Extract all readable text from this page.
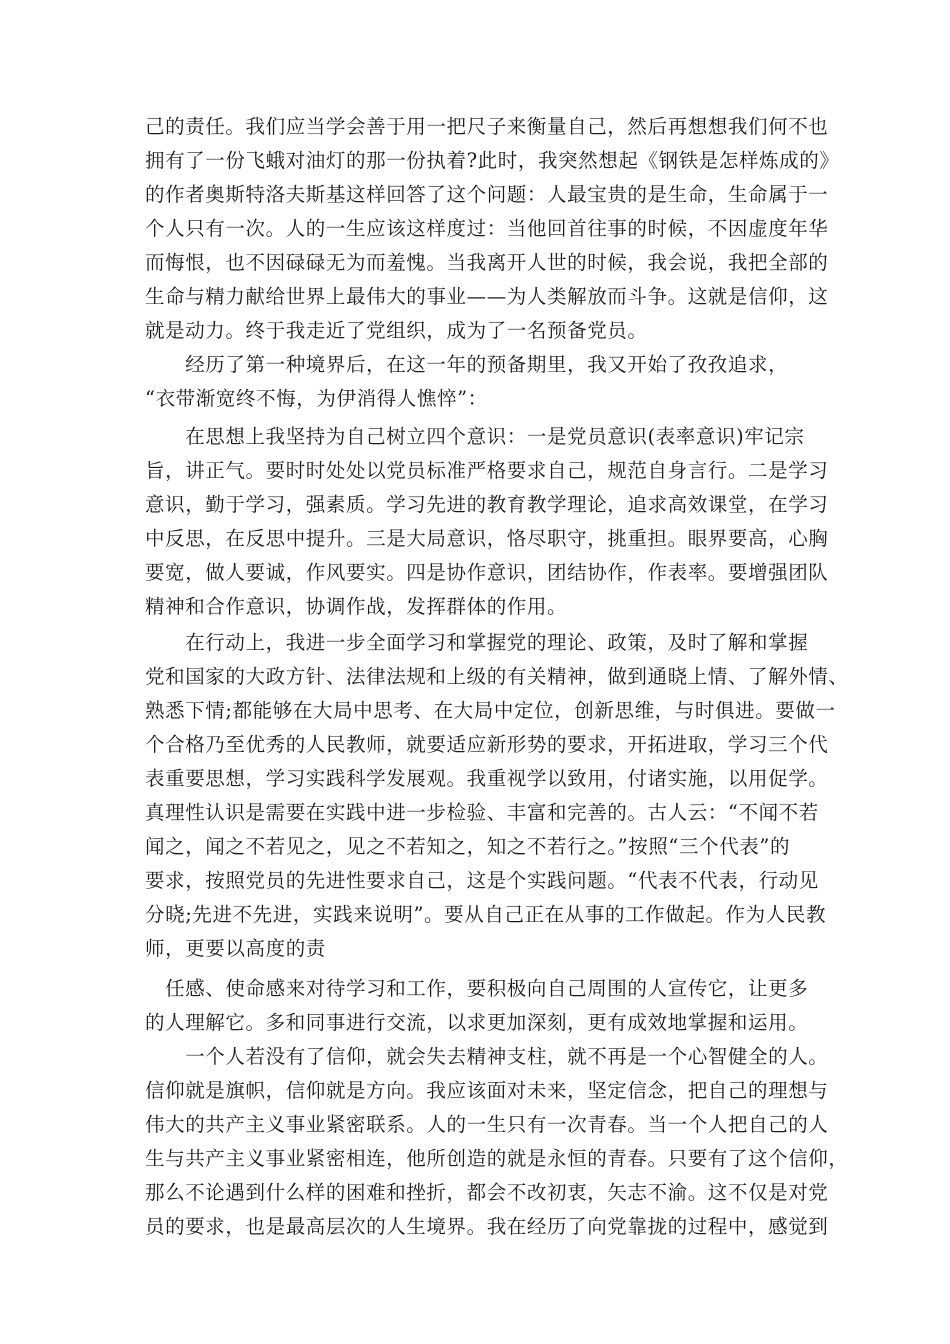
己的责任。我们应当学会善于用一把尺子来衡量自己，然后再想想我们何不也
拥有了一份飞蛾对油灯的那一份执着?此时，我突然想起《钢铁是怎样炼成的》
的作者奥斯特洛夫斯基这样回答了这个问题：人最宝贵的是生命，生命属于一
个人只有一次。人的一生应该这样度过：当他回首往事的时候，不因虚度年华
而悔恨，也不因碌碌无为而羞愧。当我离开人世的时候，我会说，我把全部的
生命与精力献给世界上最伟大的事业——为人类解放而斗争。这就是信仰，这
就是动力。终于我走近了党组织，成为了一名预备党员。
　　经历了第一种境界后，在这一年的预备期里，我又开始了孜孜追求，
“衣带渐宽终不悔，为伊消得人憔悴”：
　　在思想上我坚持为自己树立四个意识：一是党员意识(表率意识)牢记宗
旨，讲正气。要时时处处以党员标准严格要求自己，规范自身言行。二是学习
意识，勤于学习，强素质。学习先进的教育教学理论，追求高效课堂，在学习
中反思，在反思中提升。三是大局意识，恪尽职守，挑重担。眼界要高，心胸
要宽，做人要诚，作风要实。四是协作意识，团结协作，作表率。要增强团队
精神和合作意识，协调作战，发挥群体的作用。
　　在行动上，我进一步全面学习和掌握党的理论、政策，及时了解和掌握
党和国家的大政方针、法律法规和上级的有关精神，做到通晓上情、了解外情、
熟悉下情;都能够在大局中思考、在大局中定位，创新思维，与时俱进。要做一
个合格乃至优秀的人民教师，就要适应新形势的要求，开拓进取，学习三个代
表重要思想，学习实践科学发展观。我重视学以致用，付诸实施，以用促学。
真理性认识是需要在实践中进一步检验、丰富和完善的。古人云：“不闻不若
闻之，闻之不若见之，见之不若知之，知之不若行之。”按照“三个代表”的
要求，按照党员的先进性要求自己，这是个实践问题。“代表不代表，行动见
分晓;先进不先进，实践来说明”。要从自己正在从事的工作做起。作为人民教
师，更要以高度的责
　任感、使命感来对待学习和工作，要积极向自己周围的人宣传它，让更多
的人理解它。多和同事进行交流，以求更加深刻，更有成效地掌握和运用。
　　一个人若没有了信仰，就会失去精神支柱，就不再是一个心智健全的人。
信仰就是旗帜，信仰就是方向。我应该面对未来，坚定信念，把自己的理想与
伟大的共产主义事业紧密联系。人的一生只有一次青春。当一个人把自己的人
生与共产主义事业紧密相连，他所创造的就是永恒的青春。只要有了这个信仰，
那么不论遇到什么样的困难和挫折，都会不改初衷，矢志不渝。这不仅是对党
员的要求，也是最高层次的人生境界。我在经历了向党靠拢的过程中，感觉到
